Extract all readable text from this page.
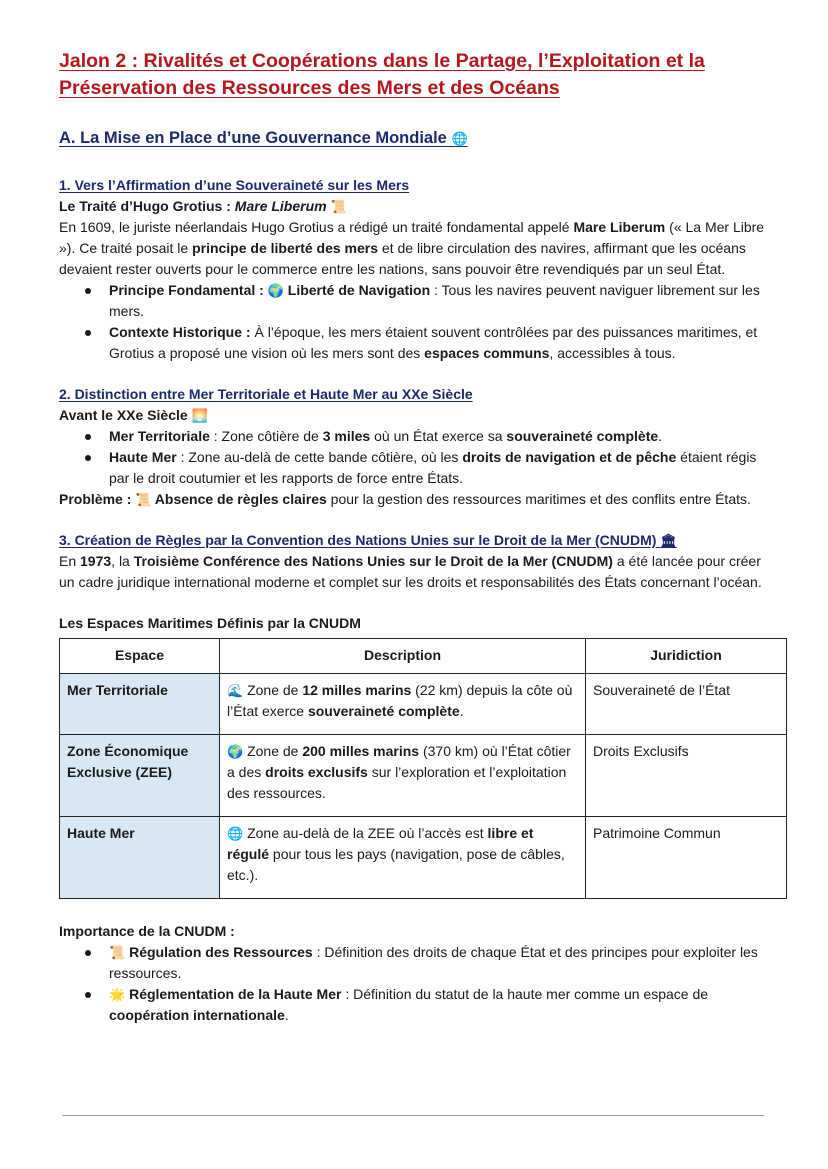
Jalon 2 : Rivalités et Coopérations dans le Partage, l’Exploitation et la Préservation des Ressources des Mers et des Océans
A. La Mise en Place d’une Gouvernance Mondiale 🌐
1. Vers l’Affirmation d’une Souveraineté sur les Mers

Le Traité d’Hugo Grotius : Mare Liberum 📜

En 1609, le juriste néerlandais Hugo Grotius a rédigé un traité fondamental appelé Mare Liberum (« La Mer Libre »). Ce traité posait le principe de liberté des mers et de libre circulation des navires, affirmant que les océans devaient rester ouverts pour le commerce entre les nations, sans pouvoir être revendiqués par un seul État.

Principe Fondamental : 🌍 Liberté de Navigation : Tous les navires peuvent naviguer librement sur les mers.
Contexte Historique : À l’époque, les mers étaient souvent contrôlées par des puissances maritimes, et Grotius a proposé une vision où les mers sont des espaces communs, accessibles à tous.
2. Distinction entre Mer Territoriale et Haute Mer au XXe Siècle

Avant le XXe Siècle 🌅

Mer Territoriale : Zone côtière de 3 miles où un État exerce sa souveraineté complète.
Haute Mer : Zone au-delà de cette bande côtière, où les droits de navigation et de pêche étaient régis par le droit coutumier et les rapports de force entre États.

Problème : 📜 Absence de règles claires pour la gestion des ressources maritimes et des conflits entre États.

3. Création de Règles par la Convention des Nations Unies sur le Droit de la Mer (CNUDM) 🏛

En 1973, la Troisième Conférence des Nations Unies sur le Droit de la Mer (CNUDM) a été lancée pour créer un cadre juridique international moderne et complet sur les droits et responsabilités des États concernant l’océan.

Les Espaces Maritimes Définis par la CNUDM

Espace	Description	Juridiction
Mer Territoriale	🌊 Zone de 12 milles marins (22 km) depuis la côte où l’État exerce souveraineté complète.	Souveraineté de l’État
Zone Économique Exclusive (ZEE)	🌍 Zone de 200 milles marins (370 km) où l’État côtier a des droits exclusifs sur l’exploration et l’exploitation des ressources.	Droits Exclusifs
Haute Mer	🌐 Zone au-delà de la ZEE où l’accès est libre et régulé pour tous les pays (navigation, pose de câbles, etc.).	Patrimoine Commun

Importance de la CNUDM :

📜 Régulation des Ressources : Définition des droits de chaque État et des principes pour exploiter les ressources.
🌟 Réglementation de la Haute Mer : Définition du statut de la haute mer comme un espace de coopération internationale.
